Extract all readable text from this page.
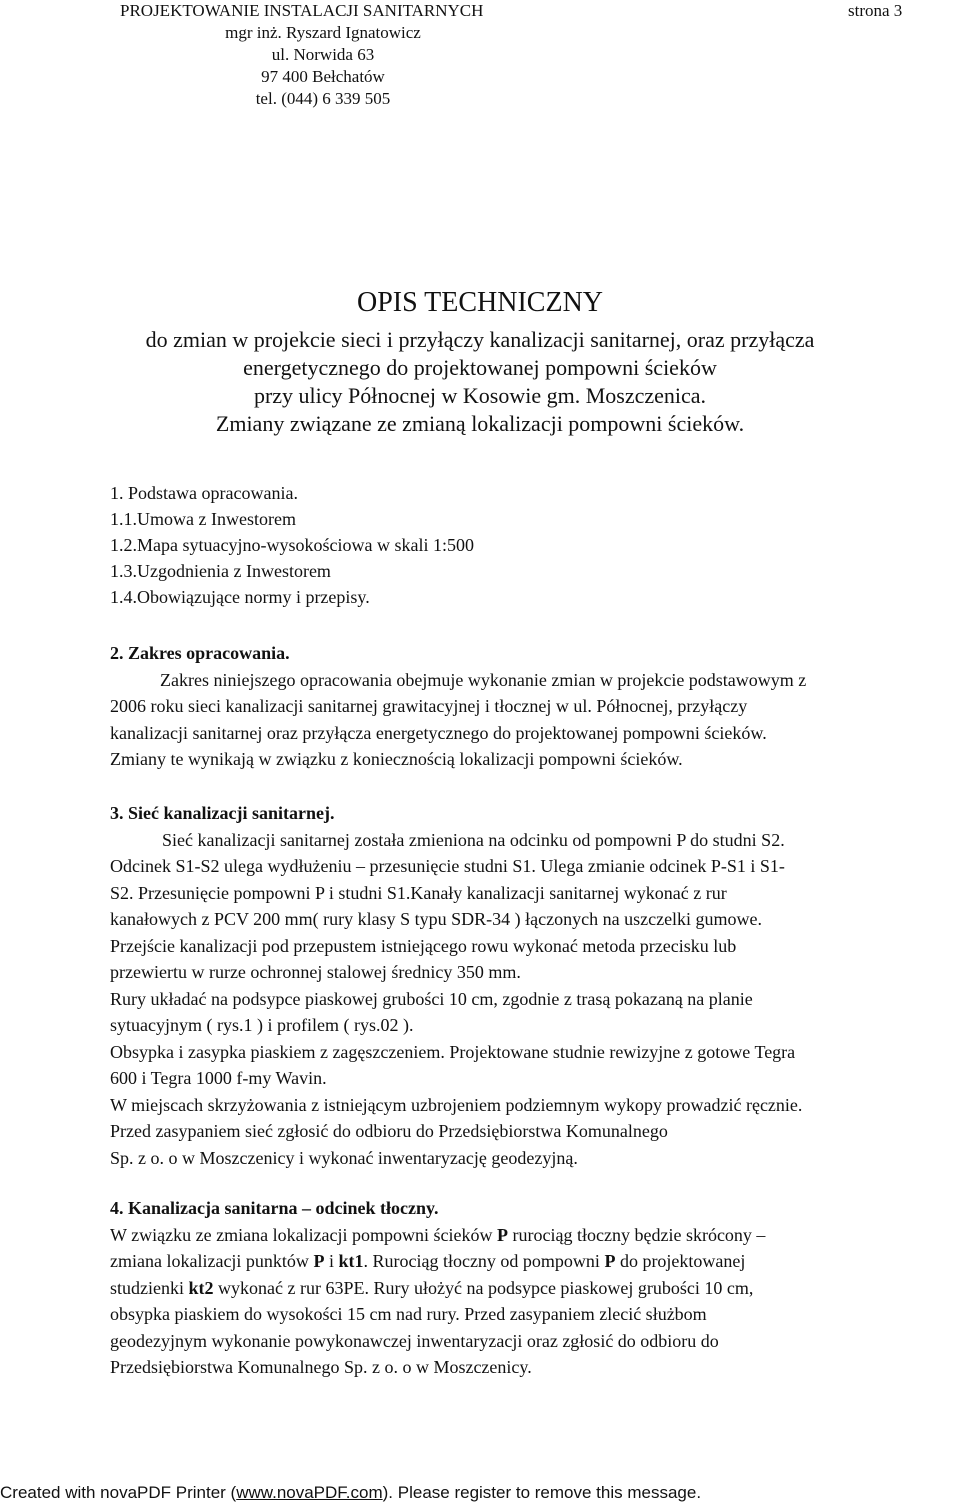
PROJEKTOWANIE INSTALACJI SANITARNYCH
mgr inż. Ryszard Ignatowicz
ul. Norwida 63
97 400 Bełchatów
tel. (044) 6 339 505
strona 3
OPIS TECHNICZNY
do zmian w projekcie sieci i przyłączy kanalizacji sanitarnej, oraz przyłącza
energetycznego do projektowanej pompowni ścieków
przy ulicy Północnej w Kosowie gm. Moszczenica.
Zmiany związane ze zmianą lokalizacji pompowni ścieków.

1. Podstawa opracowania.

1.1.Umowa z Inwestorem

1.2.Mapa sytuacyjno-wysokościowa w skali 1:500

1.3.Uzgodnienia z Inwestorem

1.4.Obowiązujące normy i przepisy.

2. Zakres opracowania.

Zakres niniejszego opracowania obejmuje wykonanie zmian w projekcie podstawowym z

2006 roku sieci kanalizacji sanitarnej grawitacyjnej i tłocznej w ul. Północnej, przyłączy

kanalizacji sanitarnej oraz przyłącza energetycznego do projektowanej pompowni ścieków.

Zmiany te wynikają w związku z koniecznością lokalizacji pompowni ścieków.

3. Sieć kanalizacji sanitarnej.

Sieć kanalizacji sanitarnej została zmieniona na odcinku od pompowni P do studni S2.

Odcinek S1-S2 ulega wydłużeniu – przesunięcie studni S1. Ulega zmianie odcinek P-S1 i S1-

S2. Przesunięcie pompowni P i studni S1.Kanały kanalizacji sanitarnej wykonać z rur

kanałowych z PCV 200 mm( rury klasy S typu SDR-34 ) łączonych na uszczelki gumowe.

Przejście kanalizacji pod przepustem istniejącego rowu wykonać metoda przecisku lub

przewiertu w rurze ochronnej stalowej średnicy 350 mm.

Rury układać na podsypce piaskowej grubości 10 cm, zgodnie z trasą pokazaną na planie

sytuacyjnym ( rys.1 ) i profilem ( rys.02 ).

Obsypka i zasypka piaskiem z zagęszczeniem. Projektowane studnie rewizyjne z gotowe Tegra

600 i Tegra 1000 f-my Wavin.

W miejscach skrzyżowania z istniejącym uzbrojeniem podziemnym wykopy prowadzić ręcznie.

Przed zasypaniem sieć zgłosić do odbioru do Przedsiębiorstwa Komunalnego

Sp. z o. o w Moszczenicy i wykonać inwentaryzację geodezyjną.

4. Kanalizacja sanitarna – odcinek tłoczny.

W związku ze zmiana lokalizacji pompowni ścieków P rurociąg tłoczny będzie skrócony –

zmiana lokalizacji punktów P i kt1. Rurociąg tłoczny od pompowni P do projektowanej

studzienki kt2 wykonać z rur 63PE. Rury ułożyć na podsypce piaskowej grubości 10 cm,

obsypka piaskiem do wysokości 15 cm nad rury. Przed zasypaniem zlecić służbom

geodezyjnym wykonanie powykonawczej inwentaryzacji oraz zgłosić do odbioru do

Przedsiębiorstwa Komunalnego Sp. z o. o w Moszczenicy.

Created with novaPDF Printer (www.novaPDF.com). Please register to remove this message.
